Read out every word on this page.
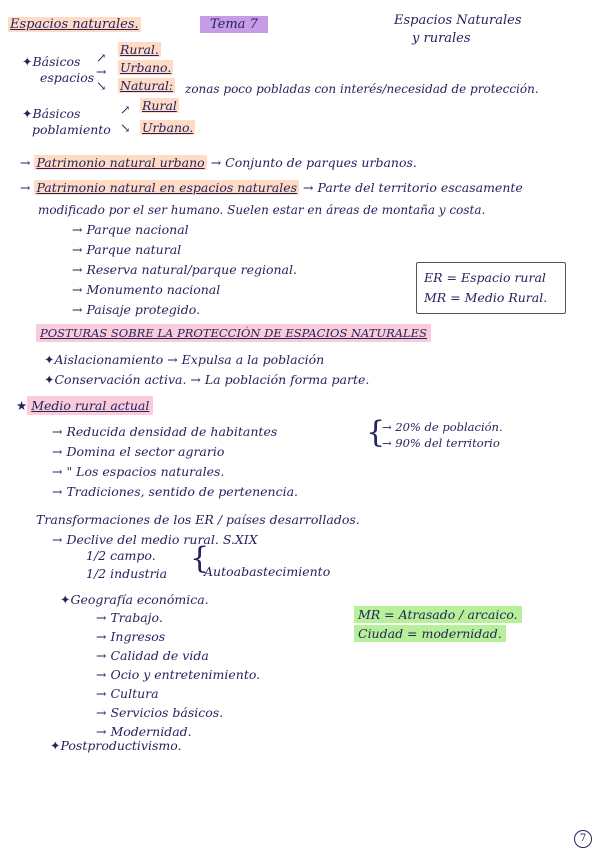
Espacios naturales.	Tema 7	Espacios Naturales
y rurales
✦Básicos
espacios
↗
→
↘
Rural.
Urbano.
Natural: zonas poco pobladas con interés/necesidad de protección.
✦Básicos
poblamiento
↗
↘
Rural
Urbano.
→ Patrimonio natural urbano → Conjunto de parques urbanos.
→ Patrimonio natural en espacios naturales → Parte del territorio escasamente
modificado por el ser humano. Suelen estar en áreas de montaña y costa.
→ Parque nacional
→ Parque natural
→ Reserva natural/parque regional.
→ Monumento nacional
→ Paisaje protegido.
ER = Espacio rural
MR = Medio Rural.
POSTURAS SOBRE LA PROTECCIÓN DE ESPACIOS NATURALES
✦Aislacionamiento → Expulsa a la población
✦Conservación activa. → La población forma parte.
★ Medio rural actual
→ Reducida densidad de habitantes
→ Domina el sector agrario
→ " Los espacios naturales.
→ Tradiciones, sentido de pertenencia.
{
→ 20% de población.
→ 90% del territorio
Transformaciones de los ER / países desarrollados.
→ Declive del medio rural. S.XIX
1/2 campo.
1/2 industria {
Autoabastecimiento
✦Geografía económica.
→ Trabajo.
→ Ingresos
→ Calidad de vida
→ Ocio y entretenimiento.
→ Cultura
→ Servicios básicos.
→ Modernidad.
MR = Atrasado / arcaico.
Ciudad = modernidad.
✦Postproductivismo.
7
